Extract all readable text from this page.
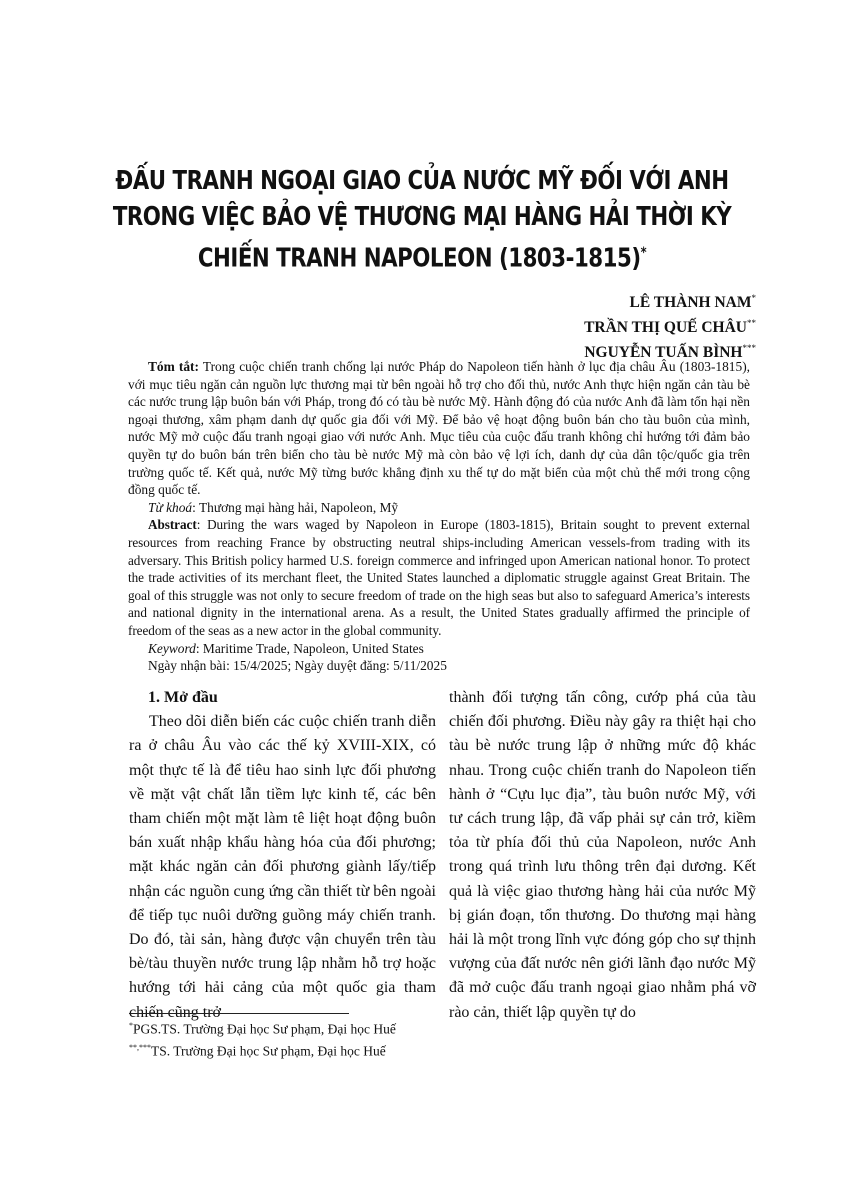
ĐẤU TRANH NGOẠI GIAO CỦA NƯỚC MỸ ĐỐI VỚI ANH
TRONG VIỆC BẢO VỆ THƯƠNG MẠI HÀNG HẢI THỜI KỲ
CHIẾN TRANH NAPOLEON (1803-1815)*
LÊ THÀNH NAM*
TRẦN THỊ QUẾ CHÂU**
NGUYỄN TUẤN BÌNH***

Tóm tắt: Trong cuộc chiến tranh chống lại nước Pháp do Napoleon tiến hành ở lục địa châu Âu (1803-1815), với mục tiêu ngăn cản nguồn lực thương mại từ bên ngoài hỗ trợ cho đối thủ, nước Anh thực hiện ngăn cản tàu bè các nước trung lập buôn bán với Pháp, trong đó có tàu bè nước Mỹ. Hành động đó của nước Anh đã làm tổn hại nền ngoại thương, xâm phạm danh dự quốc gia đối với Mỹ. Để bảo vệ hoạt động buôn bán cho tàu buôn của mình, nước Mỹ mở cuộc đấu tranh ngoại giao với nước Anh. Mục tiêu của cuộc đấu tranh không chỉ hướng tới đảm bảo quyền tự do buôn bán trên biển cho tàu bè nước Mỹ mà còn bảo vệ lợi ích, danh dự của dân tộc/quốc gia trên trường quốc tế. Kết quả, nước Mỹ từng bước khẳng định xu thế tự do mặt biển của một chủ thể mới trong cộng đồng quốc tế.

Từ khoá: Thương mại hàng hải, Napoleon, Mỹ

Abstract: During the wars waged by Napoleon in Europe (1803-1815), Britain sought to prevent external resources from reaching France by obstructing neutral ships-including American vessels-from trading with its adversary. This British policy harmed U.S. foreign commerce and infringed upon American national honor. To protect the trade activities of its merchant fleet, the United States launched a diplomatic struggle against Great Britain. The goal of this struggle was not only to secure freedom of trade on the high seas but also to safeguard America’s interests and national dignity in the international arena. As a result, the United States gradually affirmed the principle of freedom of the seas as a new actor in the global community.

Keyword: Maritime Trade, Napoleon, United States

Ngày nhận bài: 15/4/2025; Ngày duyệt đăng: 5/11/2025

1. Mở đầu

Theo dõi diễn biến các cuộc chiến tranh diễn ra ở châu Âu vào các thế kỷ XVIII-XIX, có một thực tế là để tiêu hao sinh lực đối phương về mặt vật chất lẫn tiềm lực kinh tế, các bên tham chiến một mặt làm tê liệt hoạt động buôn bán xuất nhập khẩu hàng hóa của đối phương; mặt khác ngăn cản đối phương giành lấy/tiếp nhận các nguồn cung ứng cần thiết từ bên ngoài để tiếp tục nuôi dưỡng guồng máy chiến tranh. Do đó, tài sản, hàng được vận chuyển trên tàu bè/tàu thuyền nước trung lập nhằm hỗ trợ hoặc hướng tới hải cảng của một quốc gia tham chiến cũng trở

thành đối tượng tấn công, cướp phá của tàu chiến đối phương. Điều này gây ra thiệt hại cho tàu bè nước trung lập ở những mức độ khác nhau. Trong cuộc chiến tranh do Napoleon tiến hành ở “Cựu lục địa”, tàu buôn nước Mỹ, với tư cách trung lập, đã vấp phải sự cản trở, kiềm tỏa từ phía đối thủ của Napoleon, nước Anh trong quá trình lưu thông trên đại dương. Kết quả là việc giao thương hàng hải của nước Mỹ bị gián đoạn, tổn thương. Do thương mại hàng hải là một trong lĩnh vực đóng góp cho sự thịnh vượng của đất nước nên giới lãnh đạo nước Mỹ đã mở cuộc đấu tranh ngoại giao nhằm phá vỡ rào cản, thiết lập quyền tự do

*PGS.TS. Trường Đại học Sư phạm, Đại học Huế

**,***TS. Trường Đại học Sư phạm, Đại học Huế
